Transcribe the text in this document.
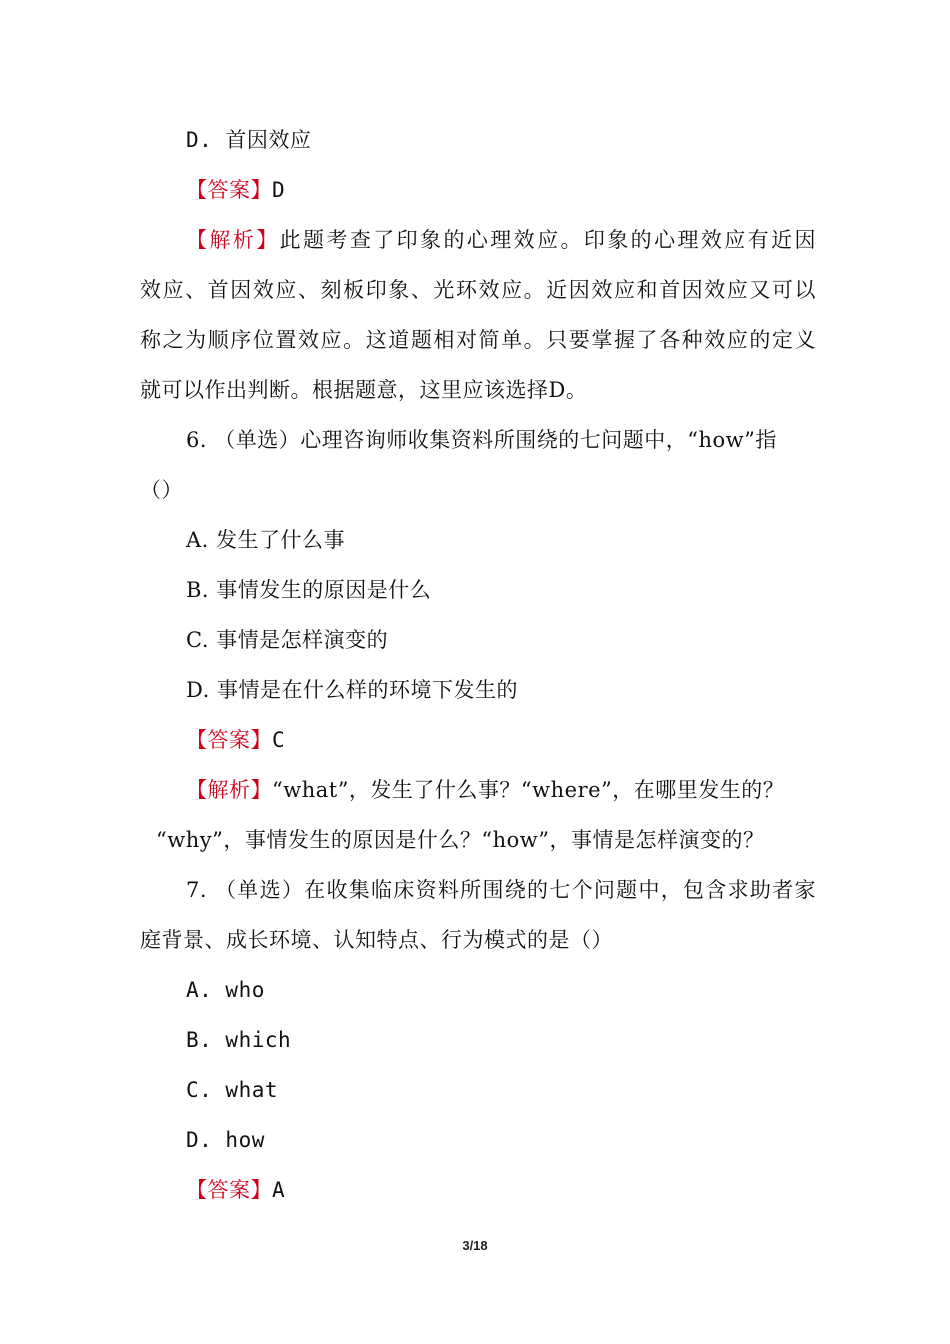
D. 首因效应
【答案】D
【解析】此题考查了印象的心理效应。印象的心理效应有近因
效应、首因效应、刻板印象、光环效应。近因效应和首因效应又可以
称之为顺序位置效应。这道题相对简单。只要掌握了各种效应的定义
就可以作出判断。根据题意，这里应该选择D。
6. （单选）心理咨询师收集资料所围绕的七问题中，“how”指
（）
A. 发生了什么事
B. 事情发生的原因是什么
C. 事情是怎样演变的
D. 事情是在什么样的环境下发生的
【答案】C
【解析】“what”，发生了什么事？“where”，在哪里发生的？
“why”，事情发生的原因是什么？“how”，事情是怎样演变的？
7. （单选）在收集临床资料所围绕的七个问题中，包含求助者家
庭背景、成长环境、认知特点、行为模式的是（）
A. who
B. which
C. what
D. how
【答案】A
3/18
